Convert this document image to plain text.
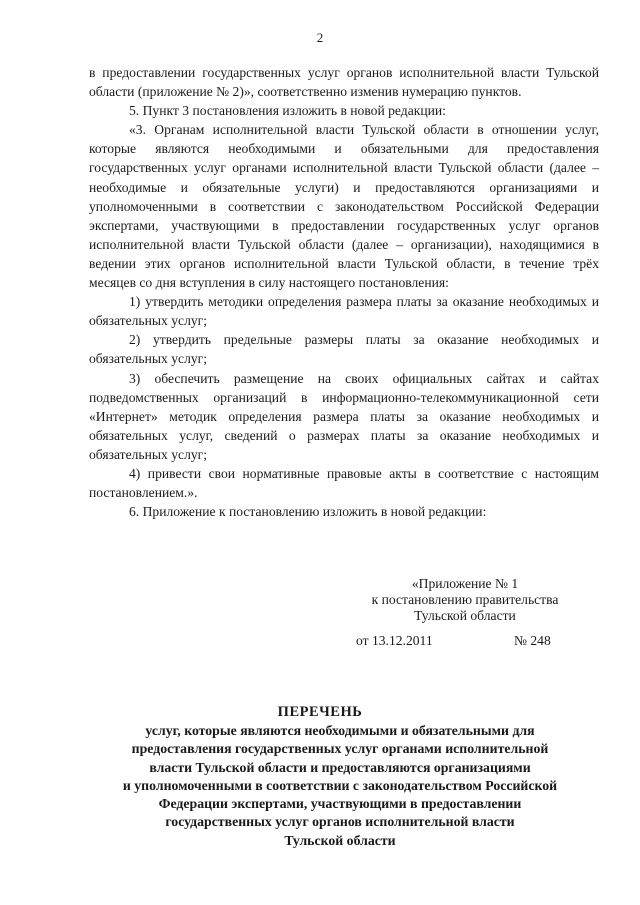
2

в предоставлении государственных услуг органов исполнительной власти Тульской области (приложение № 2)», соответственно изменив нумерацию пунктов.

5. Пункт 3 постановления изложить в новой редакции:

«3. Органам исполнительной власти Тульской области в отношении услуг, которые являются необходимыми и обязательными для предоставления государственных услуг органами исполнительной власти Тульской области (далее – необходимые и обязательные услуги) и предоставляются организациями и уполномоченными в соответствии с законодательством Российской Федерации экспертами, участвующими в предоставлении государственных услуг органов исполнительной власти Тульской области (далее – организации), находящимися в ведении этих органов исполнительной власти Тульской области, в течение трёх месяцев со дня вступления в силу настоящего постановления:

1) утвердить методики определения размера платы за оказание необходимых и обязательных услуг;

2) утвердить предельные размеры платы за оказание необходимых и обязательных услуг;

3) обеспечить размещение на своих официальных сайтах и сайтах подведомственных организаций в информационно-телекоммуникационной сети «Интернет» методик определения размера платы за оказание необходимых и обязательных услуг, сведений о размерах платы за оказание необходимых и обязательных услуг;

4) привести свои нормативные правовые акты в соответствие с настоящим постановлением.».

6. Приложение к постановлению изложить в новой редакции:

«Приложение № 1
к постановлению правительства
Тульской области
от 13.12.2011	№ 248
ПЕРЕЧЕНЬ
услуг, которые являются необходимыми и обязательными для
предоставления государственных услуг органами исполнительной
власти Тульской области и предоставляются организациями
и уполномоченными в соответствии с законодательством Российской
Федерации экспертами, участвующими в предоставлении
государственных услуг органов исполнительной власти
Тульской области
